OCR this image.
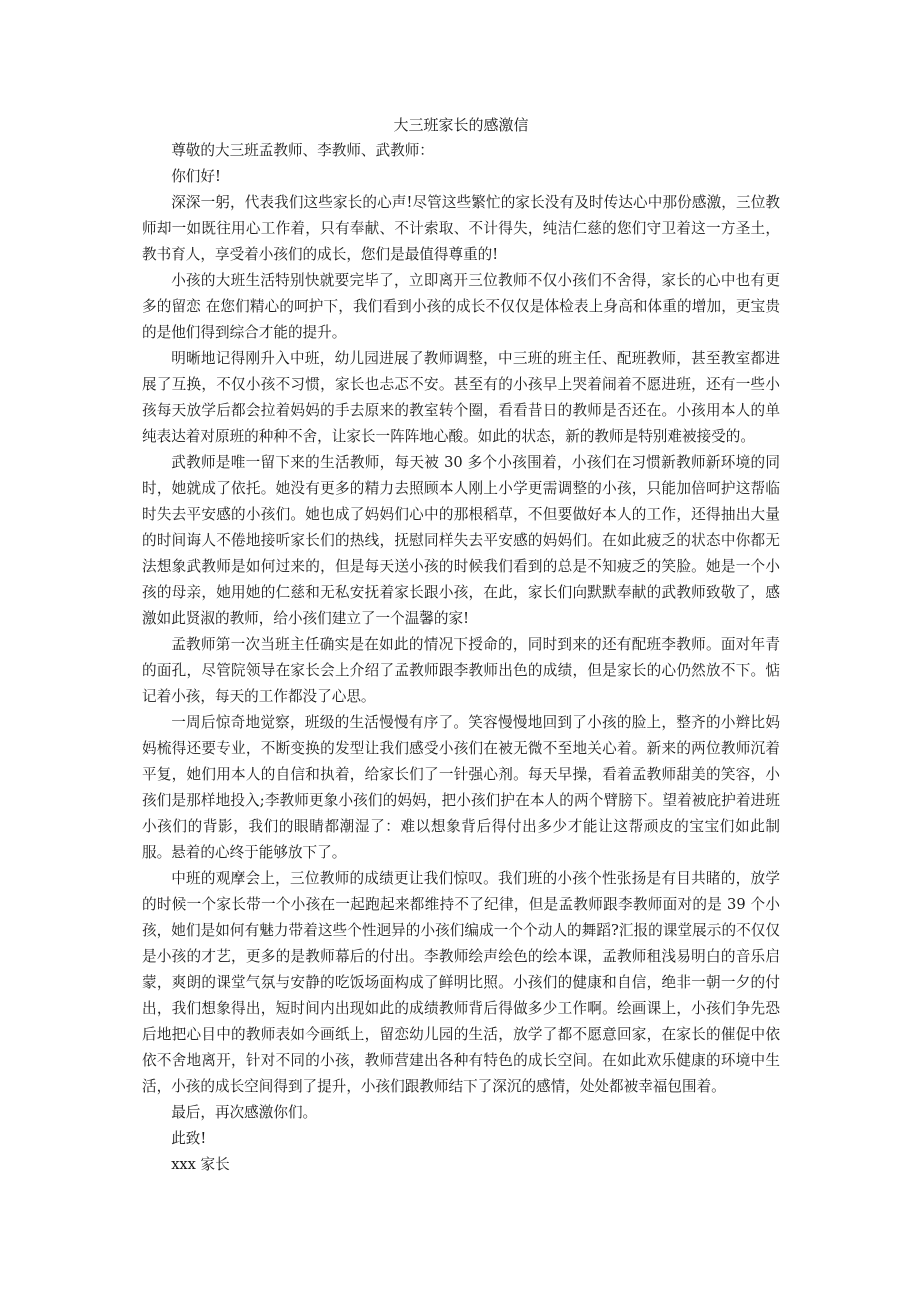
大三班家长的感激信

尊敬的大三班孟教师、李教师、武教师：

你们好!

深深一躬，代表我们这些家长的心声!尽管这些繁忙的家长没有及时传达心中那份感激，三位教师却一如既往用心工作着，只有奉献、不计索取、不计得失，纯洁仁慈的您们守卫着这一方圣土，教书育人，享受着小孩们的成长，您们是最值得尊重的!

小孩的大班生活特别快就要完毕了，立即离开三位教师不仅小孩们不舍得，家长的心中也有更多的留恋 在您们精心的呵护下，我们看到小孩的成长不仅仅是体检表上身高和体重的增加，更宝贵的是他们得到综合才能的提升。

明晰地记得刚升入中班，幼儿园进展了教师调整，中三班的班主任、配班教师，甚至教室都进展了互换，不仅小孩不习惯，家长也忐忑不安。甚至有的小孩早上哭着闹着不愿进班，还有一些小孩每天放学后都会拉着妈妈的手去原来的教室转个圈，看看昔日的教师是否还在。小孩用本人的单纯表达着对原班的种种不舍，让家长一阵阵地心酸。如此的状态，新的教师是特别难被接受的。

武教师是唯一留下来的生活教师，每天被 30 多个小孩围着，小孩们在习惯新教师新环境的同时，她就成了依托。她没有更多的精力去照顾本人刚上小学更需调整的小孩，只能加倍呵护这帮临时失去平安感的小孩们。她也成了妈妈们心中的那根稻草，不但要做好本人的工作，还得抽出大量的时间诲人不倦地接听家长们的热线，抚慰同样失去平安感的妈妈们。在如此疲乏的状态中你都无法想象武教师是如何过来的，但是每天送小孩的时候我们看到的总是不知疲乏的笑脸。她是一个小孩的母亲，她用她的仁慈和无私安抚着家长跟小孩，在此，家长们向默默奉献的武教师致敬了，感激如此贤淑的教师，给小孩们建立了一个温馨的家!

孟教师第一次当班主任确实是在如此的情况下授命的，同时到来的还有配班李教师。面对年青的面孔，尽管院领导在家长会上介绍了孟教师跟李教师出色的成绩，但是家长的心仍然放不下。惦记着小孩，每天的工作都没了心思。

一周后惊奇地觉察，班级的生活慢慢有序了。笑容慢慢地回到了小孩的脸上，整齐的小辫比妈妈梳得还要专业，不断变换的发型让我们感受小孩们在被无微不至地关心着。新来的两位教师沉着平复，她们用本人的自信和执着，给家长们了一针强心剂。每天早操，看着孟教师甜美的笑容，小孩们是那样地投入;李教师更象小孩们的妈妈，把小孩们护在本人的两个臂膀下。望着被庇护着进班小孩们的背影，我们的眼睛都潮湿了：难以想象背后得付出多少才能让这帮顽皮的宝宝们如此制服。悬着的心终于能够放下了。

中班的观摩会上，三位教师的成绩更让我们惊叹。我们班的小孩个性张扬是有目共睹的，放学的时候一个家长带一个小孩在一起跑起来都维持不了纪律，但是孟教师跟李教师面对的是 39 个小孩，她们是如何有魅力带着这些个性迥异的小孩们编成一个个动人的舞蹈?汇报的课堂展示的不仅仅是小孩的才艺，更多的是教师幕后的付出。李教师绘声绘色的绘本课，孟教师租浅易明白的音乐启蒙，爽朗的课堂气氛与安静的吃饭场面构成了鲜明比照。小孩们的健康和自信，绝非一朝一夕的付出，我们想象得出，短时间内出现如此的成绩教师背后得做多少工作啊。绘画课上，小孩们争先恐后地把心目中的教师表如今画纸上，留恋幼儿园的生活，放学了都不愿意回家，在家长的催促中依依不舍地离开，针对不同的小孩，教师营建出各种有特色的成长空间。在如此欢乐健康的环境中生活，小孩的成长空间得到了提升，小孩们跟教师结下了深沉的感情，处处都被幸福包围着。

最后，再次感激你们。

此致!

xxx 家长
